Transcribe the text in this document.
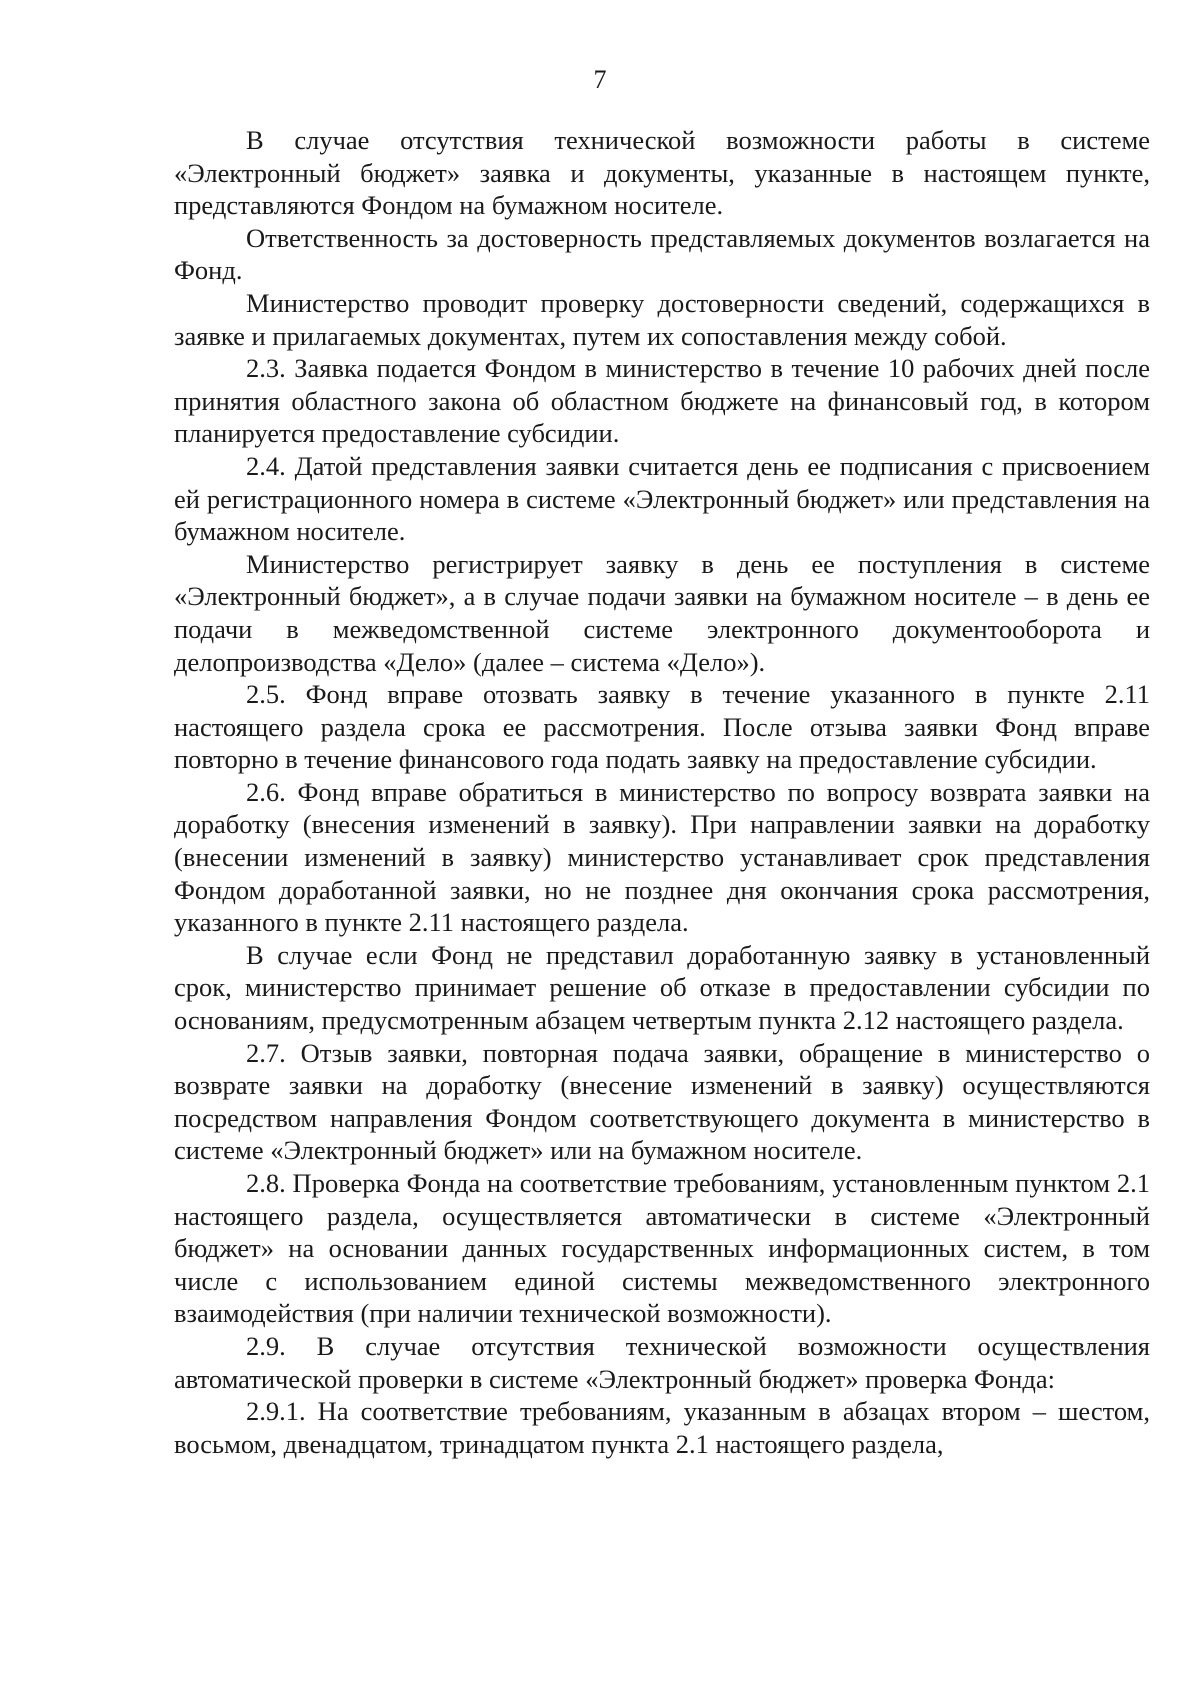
7

В случае отсутствия технической возможности работы в системе «Электронный бюджет» заявка и документы, указанные в настоящем пункте, представляются Фондом на бумажном носителе.

Ответственность за достоверность представляемых документов возлагается на Фонд.

Министерство проводит проверку достоверности сведений, содержащихся в заявке и прилагаемых документах, путем их сопоставления между собой.

2.3. Заявка подается Фондом в министерство в течение 10 рабочих дней после принятия областного закона об областном бюджете на финансовый год, в котором планируется предоставление субсидии.

2.4. Датой представления заявки считается день ее подписания с присвоением ей регистрационного номера в системе «Электронный бюджет» или представления на бумажном носителе.

Министерство регистрирует заявку в день ее поступления в системе «Электронный бюджет», а в случае подачи заявки на бумажном носителе – в день ее подачи в межведомственной системе электронного документооборота и делопроизводства «Дело» (далее – система «Дело»).

2.5. Фонд вправе отозвать заявку в течение указанного в пункте 2.11 настоящего раздела срока ее рассмотрения. После отзыва заявки Фонд вправе повторно в течение финансового года подать заявку на предоставление субсидии.

2.6. Фонд вправе обратиться в министерство по вопросу возврата заявки на доработку (внесения изменений в заявку). При направлении заявки на доработку (внесении изменений в заявку) министерство устанавливает срок представления Фондом доработанной заявки, но не позднее дня окончания срока рассмотрения, указанного в пункте 2.11 настоящего раздела.

В случае если Фонд не представил доработанную заявку в установленный срок, министерство принимает решение об отказе в предоставлении субсидии по основаниям, предусмотренным абзацем четвертым пункта 2.12 настоящего раздела.

2.7. Отзыв заявки, повторная подача заявки, обращение в министерство о возврате заявки на доработку (внесение изменений в заявку) осуществляются посредством направления Фондом соответствующего документа в министерство в системе «Электронный бюджет» или на бумажном носителе.

2.8. Проверка Фонда на соответствие требованиям, установленным пунктом 2.1 настоящего раздела, осуществляется автоматически в системе «Электронный бюджет» на основании данных государственных информационных систем, в том числе с использованием единой системы межведомственного электронного взаимодействия (при наличии технической возможности).

2.9. В случае отсутствия технической возможности осуществления автоматической проверки в системе «Электронный бюджет» проверка Фонда:

2.9.1. На соответствие требованиям, указанным в абзацах втором – шестом, восьмом, двенадцатом, тринадцатом пункта 2.1 настоящего раздела,
